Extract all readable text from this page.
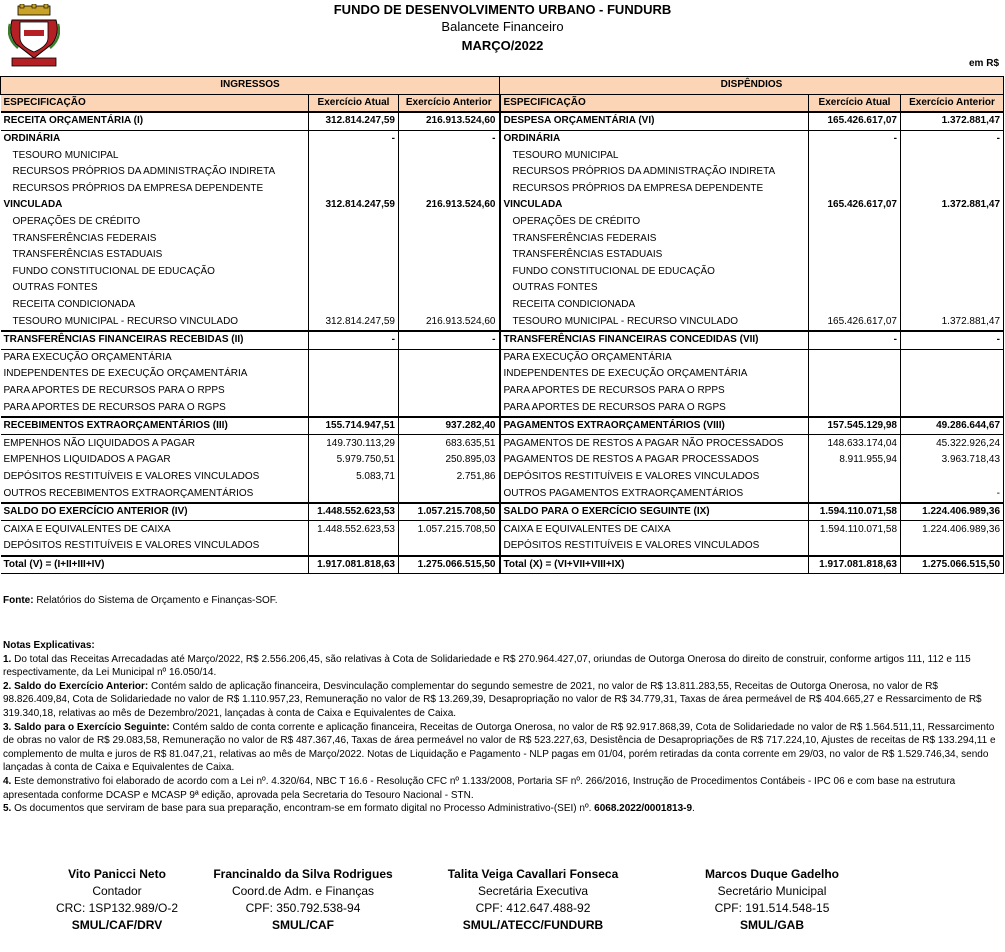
FUNDO DE DESENVOLVIMENTO URBANO - FUNDURB
Balancete Financeiro
MARÇO/2022
em R$
INGRESSOS			DISPÊNDIOS		
ESPECIFICAÇÃO	Exercício Atual	Exercício Anterior	ESPECIFICAÇÃO	Exercício Atual	Exercício Anterior
RECEITA ORÇAMENTÁRIA (I)	312.814.247,59	216.913.524,60	DESPESA ORÇAMENTÁRIA (VI)	165.426.617,07	1.372.881,47
ORDINÁRIA	-	-	ORDINÁRIA	-	-
TESOURO MUNICIPAL			TESOURO MUNICIPAL		
RECURSOS PRÓPRIOS DA ADMINISTRAÇÃO INDIRETA			RECURSOS PRÓPRIOS DA ADMINISTRAÇÃO INDIRETA		
RECURSOS PRÓPRIOS DA EMPRESA DEPENDENTE			RECURSOS PRÓPRIOS DA EMPRESA DEPENDENTE		
VINCULADA	312.814.247,59	216.913.524,60	VINCULADA	165.426.617,07	1.372.881,47
OPERAÇÕES DE CRÉDITO			OPERAÇÕES DE CRÉDITO		
TRANSFERÊNCIAS FEDERAIS			TRANSFERÊNCIAS FEDERAIS		
TRANSFERÊNCIAS ESTADUAIS			TRANSFERÊNCIAS ESTADUAIS		
FUNDO CONSTITUCIONAL DE EDUCAÇÃO			FUNDO CONSTITUCIONAL DE EDUCAÇÃO		
OUTRAS FONTES			OUTRAS FONTES		
RECEITA CONDICIONADA			RECEITA CONDICIONADA		
TESOURO MUNICIPAL - RECURSO VINCULADO	312.814.247,59	216.913.524,60	TESOURO MUNICIPAL - RECURSO VINCULADO	165.426.617,07	1.372.881,47
TRANSFERÊNCIAS FINANCEIRAS RECEBIDAS (II)	-	-	TRANSFERÊNCIAS FINANCEIRAS CONCEDIDAS (VII)	-	-
PARA EXECUÇÃO ORÇAMENTÁRIA			PARA EXECUÇÃO ORÇAMENTÁRIA		
INDEPENDENTES DE EXECUÇÃO ORÇAMENTÁRIA			INDEPENDENTES DE EXECUÇÃO ORÇAMENTÁRIA		
PARA APORTES DE RECURSOS PARA O RPPS			PARA APORTES DE RECURSOS PARA O RPPS		
PARA APORTES DE RECURSOS PARA O RGPS			PARA APORTES DE RECURSOS PARA O RGPS		
RECEBIMENTOS EXTRAORÇAMENTÁRIOS (III)	155.714.947,51	937.282,40	PAGAMENTOS EXTRAORÇAMENTÁRIOS (VIII)	157.545.129,98	49.286.644,67
EMPENHOS NÃO LIQUIDADOS A PAGAR	149.730.113,29	683.635,51	PAGAMENTOS DE RESTOS A PAGAR NÃO PROCESSADOS	148.633.174,04	45.322.926,24
EMPENHOS LIQUIDADOS A PAGAR	5.979.750,51	250.895,03	PAGAMENTOS DE RESTOS A PAGAR PROCESSADOS	8.911.955,94	3.963.718,43
DEPÓSITOS RESTITUÍVEIS E VALORES VINCULADOS	5.083,71	2.751,86	DEPÓSITOS RESTITUÍVEIS E VALORES VINCULADOS		
OUTROS RECEBIMENTOS EXTRAORÇAMENTÁRIOS			OUTROS PAGAMENTOS EXTRAORÇAMENTÁRIOS		-
SALDO DO EXERCÍCIO ANTERIOR (IV)	1.448.552.623,53	1.057.215.708,50	SALDO PARA O EXERCÍCIO SEGUINTE (IX)	1.594.110.071,58	1.224.406.989,36
CAIXA E EQUIVALENTES DE CAIXA	1.448.552.623,53	1.057.215.708,50	CAIXA E EQUIVALENTES DE CAIXA	1.594.110.071,58	1.224.406.989,36
DEPÓSITOS RESTITUÍVEIS E VALORES VINCULADOS			DEPÓSITOS RESTITUÍVEIS E VALORES VINCULADOS		
Total (V) = (I+II+III+IV)	1.917.081.818,63	1.275.066.515,50	Total (X) = (VI+VII+VIII+IX)	1.917.081.818,63	1.275.066.515,50
Fonte: Relatórios do Sistema de Orçamento e Finanças-SOF.

Notas Explicativas:

1. Do total das Receitas Arrecadadas até Março/2022, R$ 2.556.206,45, são relativas à Cota de Solidariedade e R$ 270.964.427,07, oriundas de Outorga Onerosa do direito de construir, conforme artigos 111, 112 e 115 respectivamente, da Lei Municipal nº 16.050/14.

2. Saldo do Exercício Anterior: Contém saldo de aplicação financeira, Desvinculação complementar do segundo semestre de 2021, no valor de R$ 13.811.283,55, Receitas de Outorga Onerosa, no valor de R$ 98.826.409,84, Cota de Solidariedade no valor de R$ 1.110.957,23, Remuneração no valor de R$ 13.269,39, Desapropriação no valor de R$ 34.779,31, Taxas de área permeável de R$ 404.665,27 e Ressarcimento de R$ 319.340,18, relativas ao mês de Dezembro/2021, lançadas à conta de Caixa e Equivalentes de Caixa.

3. Saldo para o Exercício Seguinte: Contém saldo de conta corrente e aplicação financeira, Receitas de Outorga Onerosa, no valor de R$ 92.917.868,39, Cota de Solidariedade no valor de R$ 1.564.511,11, Ressarcimento de obras no valor de R$ 29.083,58, Remuneração no valor de R$ 487.367,46, Taxas de área permeável no valor de R$ 523.227,63, Desistência de Desapropriações de R$ 717.224,10, Ajustes de receitas de R$ 133.294,11 e complemento de multa e juros de R$ 81.047,21, relativas ao mês de Março/2022. Notas de Liquidação e Pagamento - NLP pagas em 01/04, porém retiradas da conta corrente em 29/03, no valor de R$ 1.529.746,34, sendo lançadas à conta de Caixa e Equivalentes de Caixa.

4. Este demonstrativo foi elaborado de acordo com a Lei nº. 4.320/64, NBC T 16.6 - Resolução CFC nº 1.133/2008, Portaria SF nº. 266/2016, Instrução de Procedimentos Contábeis - IPC 06 e com base na estrutura apresentada conforme DCASP e MCASP 9ª edição, aprovada pela Secretaria do Tesouro Nacional - STN.

5. Os documentos que serviram de base para sua preparação, encontram-se em formato digital no Processo Administrativo-(SEI) nº. 6068.2022/0001813-9.

Vito Panicci Neto
Contador
CRC: 1SP132.989/O-2
SMUL/CAF/DRV
Francinaldo da Silva Rodrigues
Coord.de Adm. e Finanças
CPF: 350.792.538-94
SMUL/CAF
Talita Veiga Cavallari Fonseca
Secretária Executiva
CPF: 412.647.488-92
SMUL/ATECC/FUNDURB
Marcos Duque Gadelho
Secretário Municipal
CPF: 191.514.548-15
SMUL/GAB
